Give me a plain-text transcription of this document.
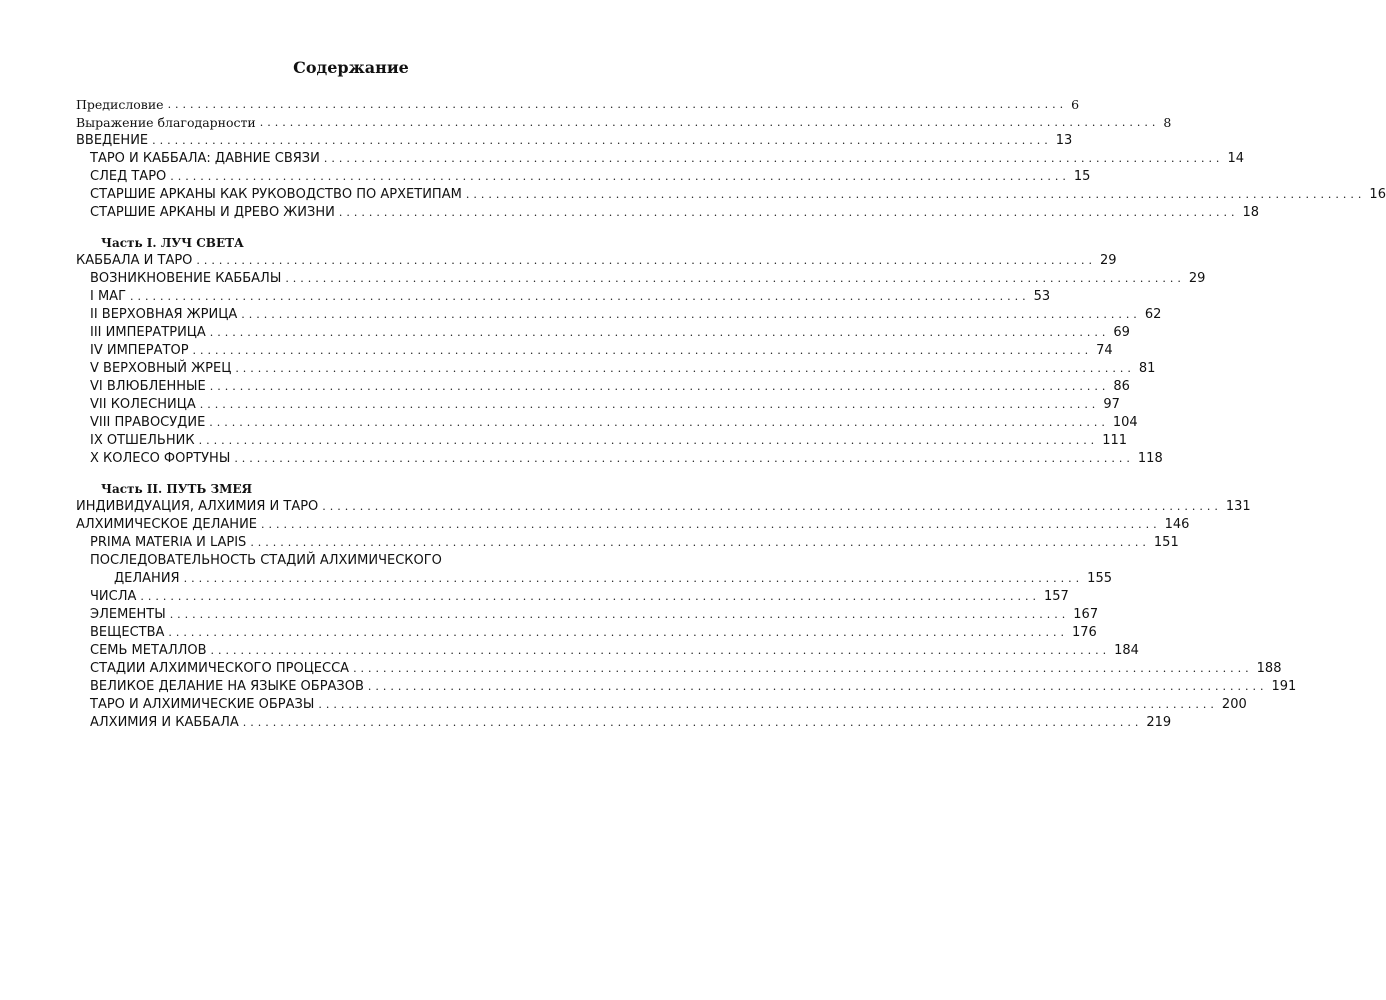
Содержание
Предисловие ........................................................................................................................ 6
Выражение благодарности ........................................................................................................................ 8
ВВЕДЕНИЕ ........................................................................................................................ 13
ТАРО И КАББАЛА: ДАВНИЕ СВЯЗИ ........................................................................................................................ 14
СЛЕД ТАРО ........................................................................................................................ 15
СТАРШИЕ АРКАНЫ КАК РУКОВОДСТВО ПО АРХЕТИПАМ ........................................................................................................................ 16
СТАРШИЕ АРКАНЫ И ДРЕВО ЖИЗНИ ........................................................................................................................ 18
Часть I. ЛУЧ СВЕТА
КАББАЛА И ТАРО ........................................................................................................................ 29
ВОЗНИКНОВЕНИЕ КАББАЛЫ ........................................................................................................................ 29
I МАГ ........................................................................................................................ 53
II ВЕРХОВНАЯ ЖРИЦА ........................................................................................................................ 62
III ИМПЕРАТРИЦА ........................................................................................................................ 69
IV ИМПЕРАТОР ........................................................................................................................ 74
V ВЕРХОВНЫЙ ЖРЕЦ ........................................................................................................................ 81
VI ВЛЮБЛЕННЫЕ ........................................................................................................................ 86
VII КОЛЕСНИЦА ........................................................................................................................ 97
VIII ПРАВОСУДИЕ ........................................................................................................................ 104
IX ОТШЕЛЬНИК ........................................................................................................................ 111
X КОЛЕСО ФОРТУНЫ ........................................................................................................................ 118
Часть II. ПУТЬ ЗМЕЯ
ИНДИВИДУАЦИЯ, АЛХИМИЯ И ТАРО ........................................................................................................................ 131
АЛХИМИЧЕСКОЕ ДЕЛАНИЕ ........................................................................................................................ 146
PRIMA MATERIA И LAPIS ........................................................................................................................ 151
ПОСЛЕДОВАТЕЛЬНОСТЬ СТАДИЙ АЛХИМИЧЕСКОГО
ДЕЛАНИЯ ........................................................................................................................ 155
ЧИСЛА ........................................................................................................................ 157
ЭЛЕМЕНТЫ ........................................................................................................................ 167
ВЕЩЕСТВА ........................................................................................................................ 176
СЕМЬ МЕТАЛЛОВ ........................................................................................................................ 184
СТАДИИ АЛХИМИЧЕСКОГО ПРОЦЕССА ........................................................................................................................ 188
ВЕЛИКОЕ ДЕЛАНИЕ НА ЯЗЫКЕ ОБРАЗОВ ........................................................................................................................ 191
ТАРО И АЛХИМИЧЕСКИЕ ОБРАЗЫ ........................................................................................................................ 200
АЛХИМИЯ И КАББАЛА ........................................................................................................................ 219
